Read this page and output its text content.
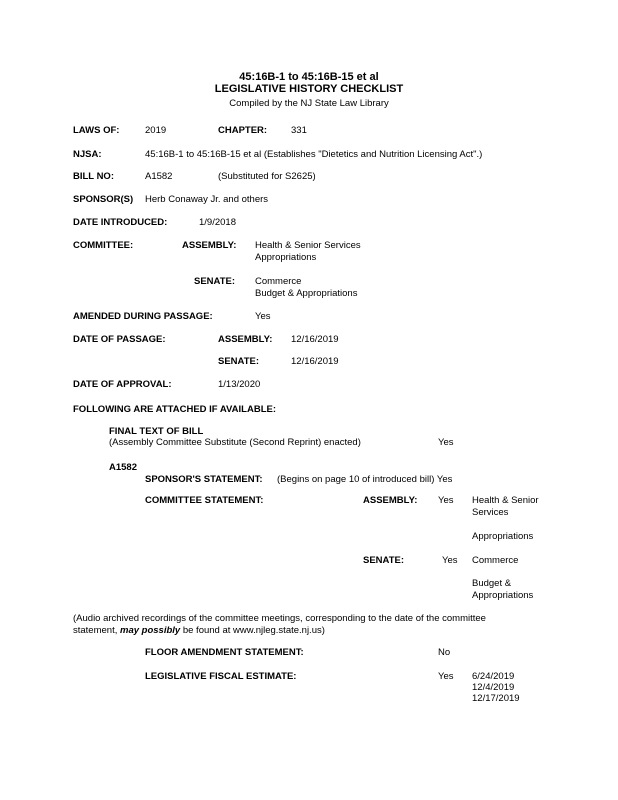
45:16B-1 to 45:16B-15 et al
LEGISLATIVE HISTORY CHECKLIST
Compiled by the NJ State Law Library
LAWS OF:	2019	CHAPTER:	331
NJSA:	45:16B-1 to 45:16B-15 et al (Establishes "Dietetics and Nutrition Licensing Act".)
BILL NO:	A1582	(Substituted for S2625)
SPONSOR(S) Herb Conaway Jr. and others
DATE INTRODUCED:	1/9/2018
COMMITTEE:	ASSEMBLY: Health & Senior Services
Appropriations
SENATE: Commerce
Budget & Appropriations
AMENDED DURING PASSAGE:	Yes
DATE OF PASSAGE:	ASSEMBLY: 12/16/2019
SENATE:	12/16/2019
DATE OF APPROVAL:	1/13/2020
FOLLOWING ARE ATTACHED IF AVAILABLE:
FINAL TEXT OF BILL
(Assembly Committee Substitute (Second Reprint) enacted)	Yes
A1582
SPONSOR'S STATEMENT: (Begins on page 10 of introduced bill) Yes
COMMITTEE STATEMENT:	ASSEMBLY: Yes Health & Senior
Services
Appropriations
SENATE:	Yes Commerce
Budget &
Appropriations
(Audio archived recordings of the committee meetings, corresponding to the date of the committee
statement, may possibly be found at www.njleg.state.nj.us)
FLOOR AMENDMENT STATEMENT:	No
LEGISLATIVE FISCAL ESTIMATE:	Yes 6/24/2019
12/4/2019
12/17/2019
